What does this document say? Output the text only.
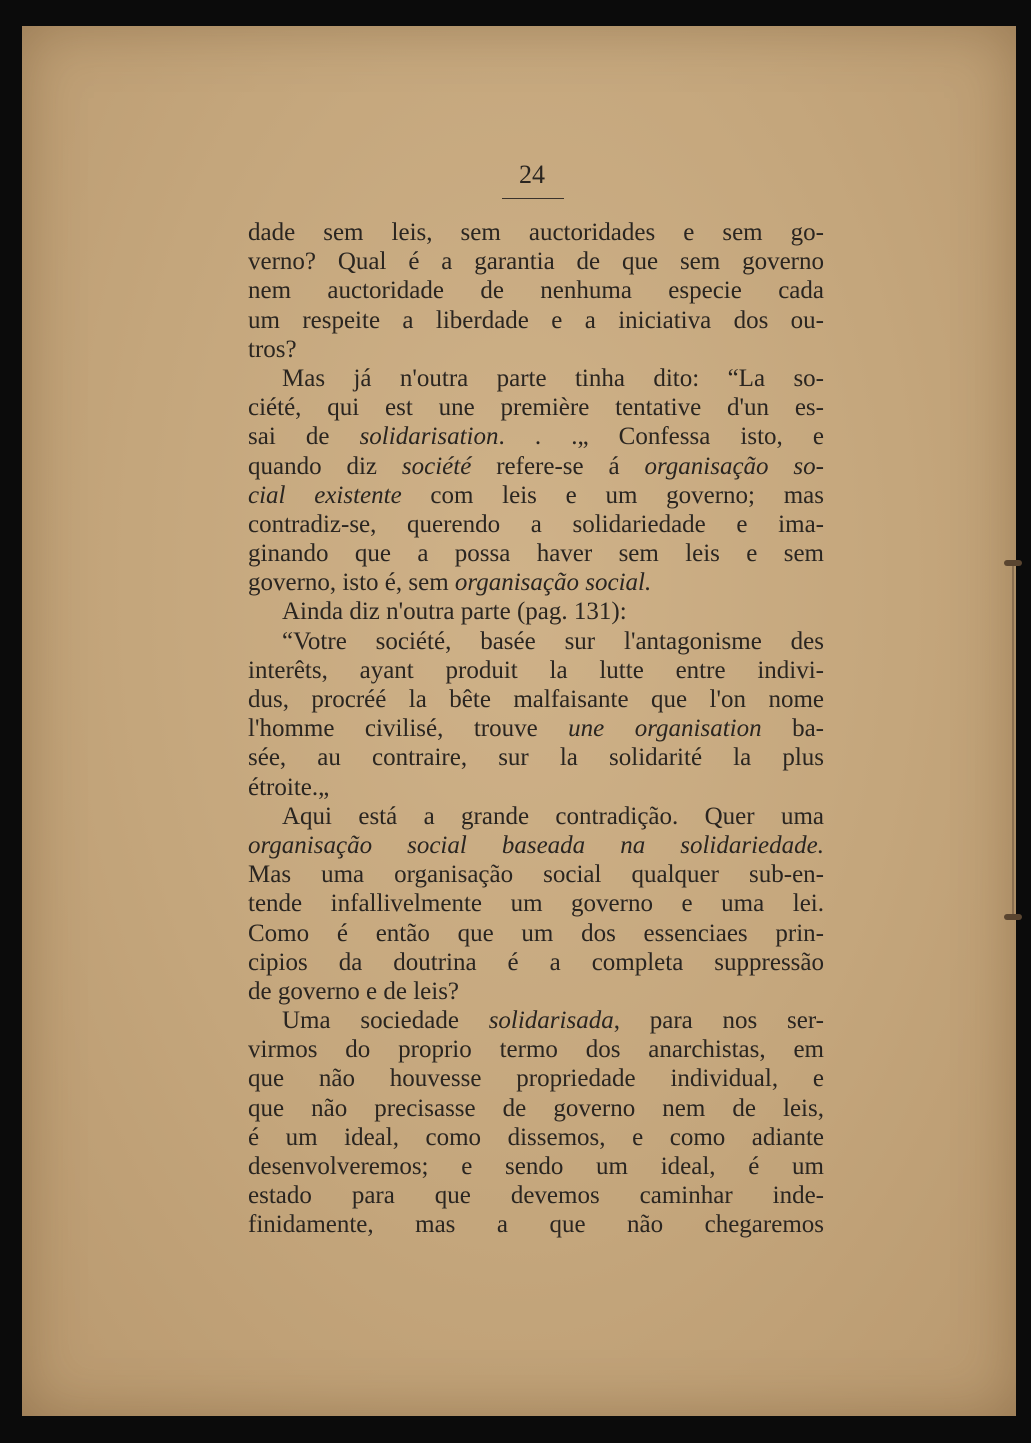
24
dade sem leis, sem auctoridades e sem go-
verno? Qual é a garantia de que sem governo
nem auctoridade de nenhuma especie cada
um respeite a liberdade e a iniciativa dos ou-
tros?
Mas já n'outra parte tinha dito: “La so-
ciété, qui est une première tentative d'un es-
sai de solidarisation. . .„ Confessa isto, e
quando diz société refere-se á organisação so-
cial existente com leis e um governo; mas
contradiz-se, querendo a solidariedade e ima-
ginando que a possa haver sem leis e sem
governo, isto é, sem organisação social.
Ainda diz n'outra parte (pag. 131):
“Votre société, basée sur l'antagonisme des
interêts, ayant produit la lutte entre indivi-
dus, procréé la bête malfaisante que l'on nome
l'homme civilisé, trouve une organisation ba-
sée, au contraire, sur la solidarité la plus
étroite.„
Aqui está a grande contradição. Quer uma
organisação social baseada na solidariedade.
Mas uma organisação social qualquer sub-en-
tende infallivelmente um governo e uma lei.
Como é então que um dos essenciaes prin-
cipios da doutrina é a completa suppressão
de governo e de leis?
Uma sociedade solidarisada, para nos ser-
virmos do proprio termo dos anarchistas, em
que não houvesse propriedade individual, e
que não precisasse de governo nem de leis,
é um ideal, como dissemos, e como adiante
desenvolveremos; e sendo um ideal, é um
estado para que devemos caminhar inde-
finidamente, mas a que não chegaremos
